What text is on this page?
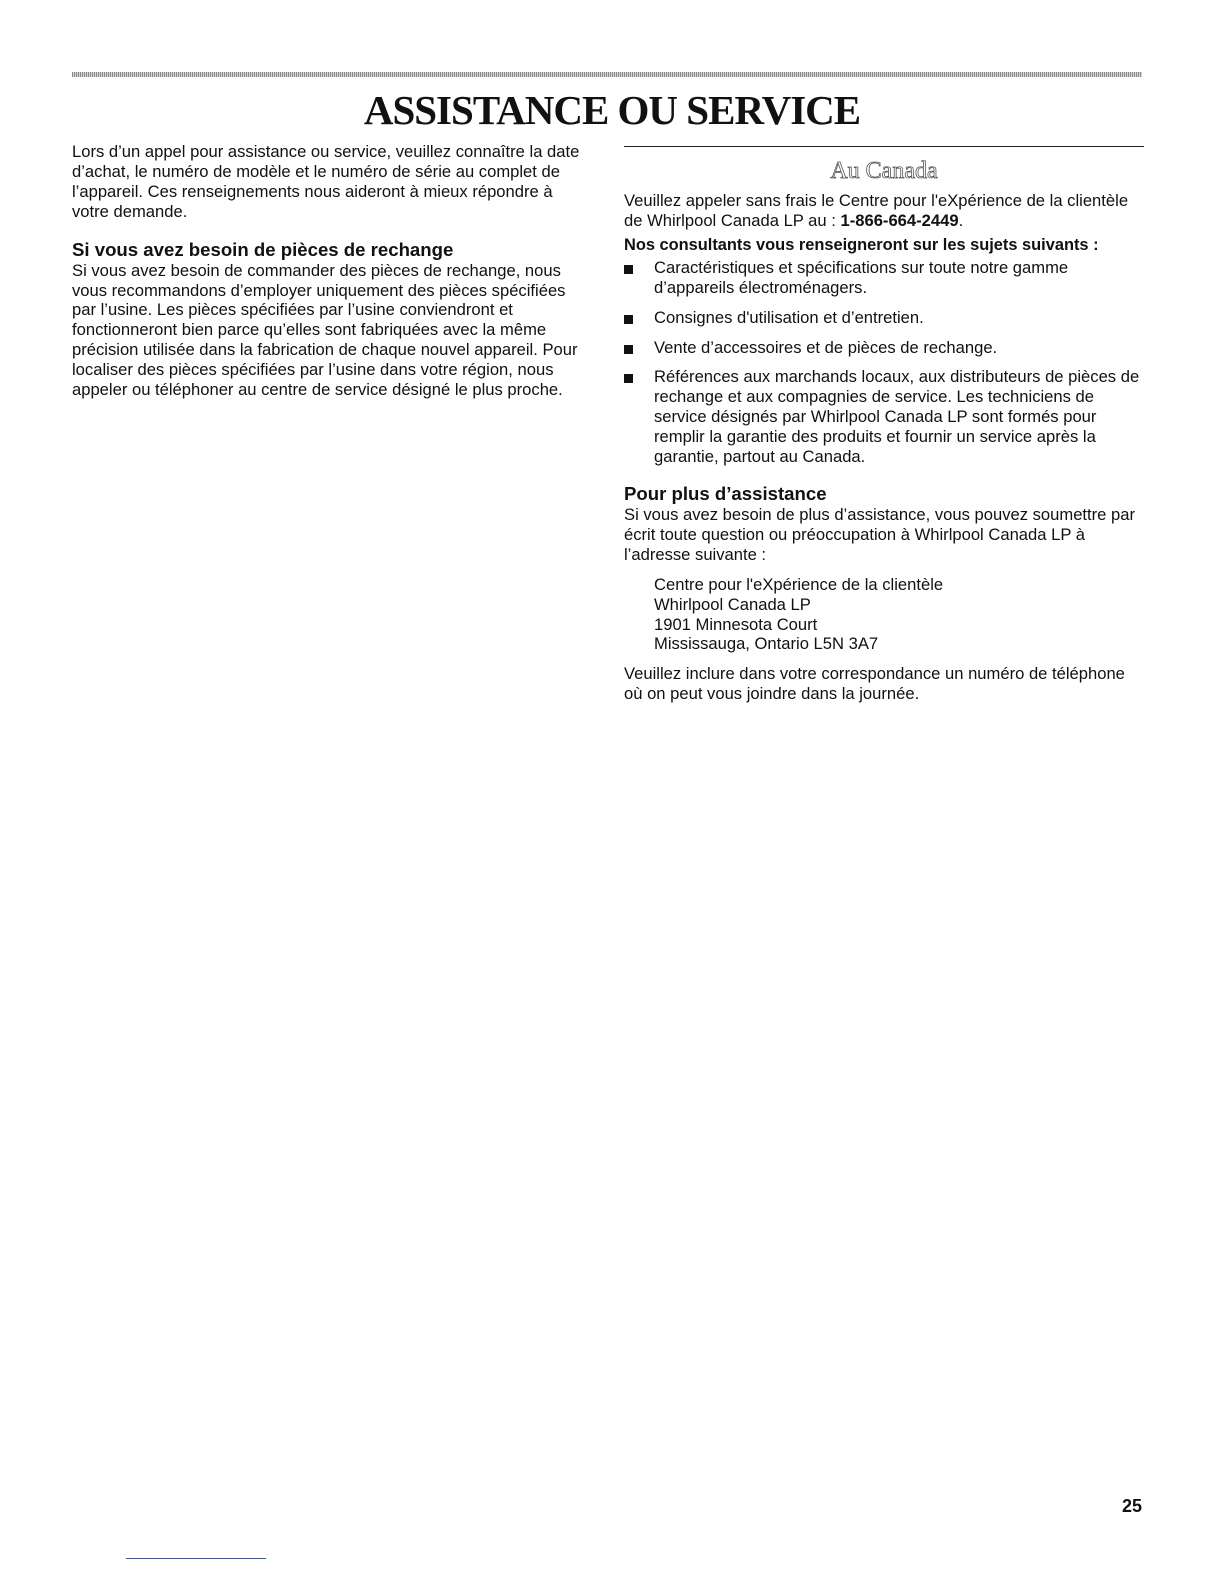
ASSISTANCE OU SERVICE

Lors d’un appel pour assistance ou service, veuillez connaître la date d’achat, le numéro de modèle et le numéro de série au complet de l’appareil. Ces renseignements nous aideront à mieux répondre à votre demande.

Si vous avez besoin de pièces de rechange

Si vous avez besoin de commander des pièces de rechange, nous vous recommandons d’employer uniquement des pièces spécifiées par l’usine. Les pièces spécifiées par l’usine conviendront et fonctionneront bien parce qu’elles sont fabriquées avec la même précision utilisée dans la fabrication de chaque nouvel appareil. Pour localiser des pièces spécifiées par l’usine dans votre région, nous appeler ou téléphoner au centre de service désigné le plus proche.

Au Canada

Veuillez appeler sans frais le Centre pour l'eXpérience de la clientèle de Whirlpool Canada LP au : 1-866-664-2449.

Nos consultants vous renseigneront sur les sujets suivants :
Caractéristiques et spécifications sur toute notre gamme d’appareils électroménagers.
Consignes d'utilisation et d’entretien.
Vente d’accessoires et de pièces de rechange.
Références aux marchands locaux, aux distributeurs de pièces de rechange et aux compagnies de service. Les techniciens de service désignés par Whirlpool Canada LP sont formés pour remplir la garantie des produits et fournir un service après la garantie, partout au Canada.
Pour plus d’assistance

Si vous avez besoin de plus d’assistance, vous pouvez soumettre par écrit toute question ou préoccupation à Whirlpool Canada LP à l’adresse suivante :

Centre pour l'eXpérience de la clientèle
Whirlpool Canada LP
1901 Minnesota Court
Mississauga, Ontario L5N 3A7

Veuillez inclure dans votre correspondance un numéro de téléphone où on peut vous joindre dans la journée.

25
